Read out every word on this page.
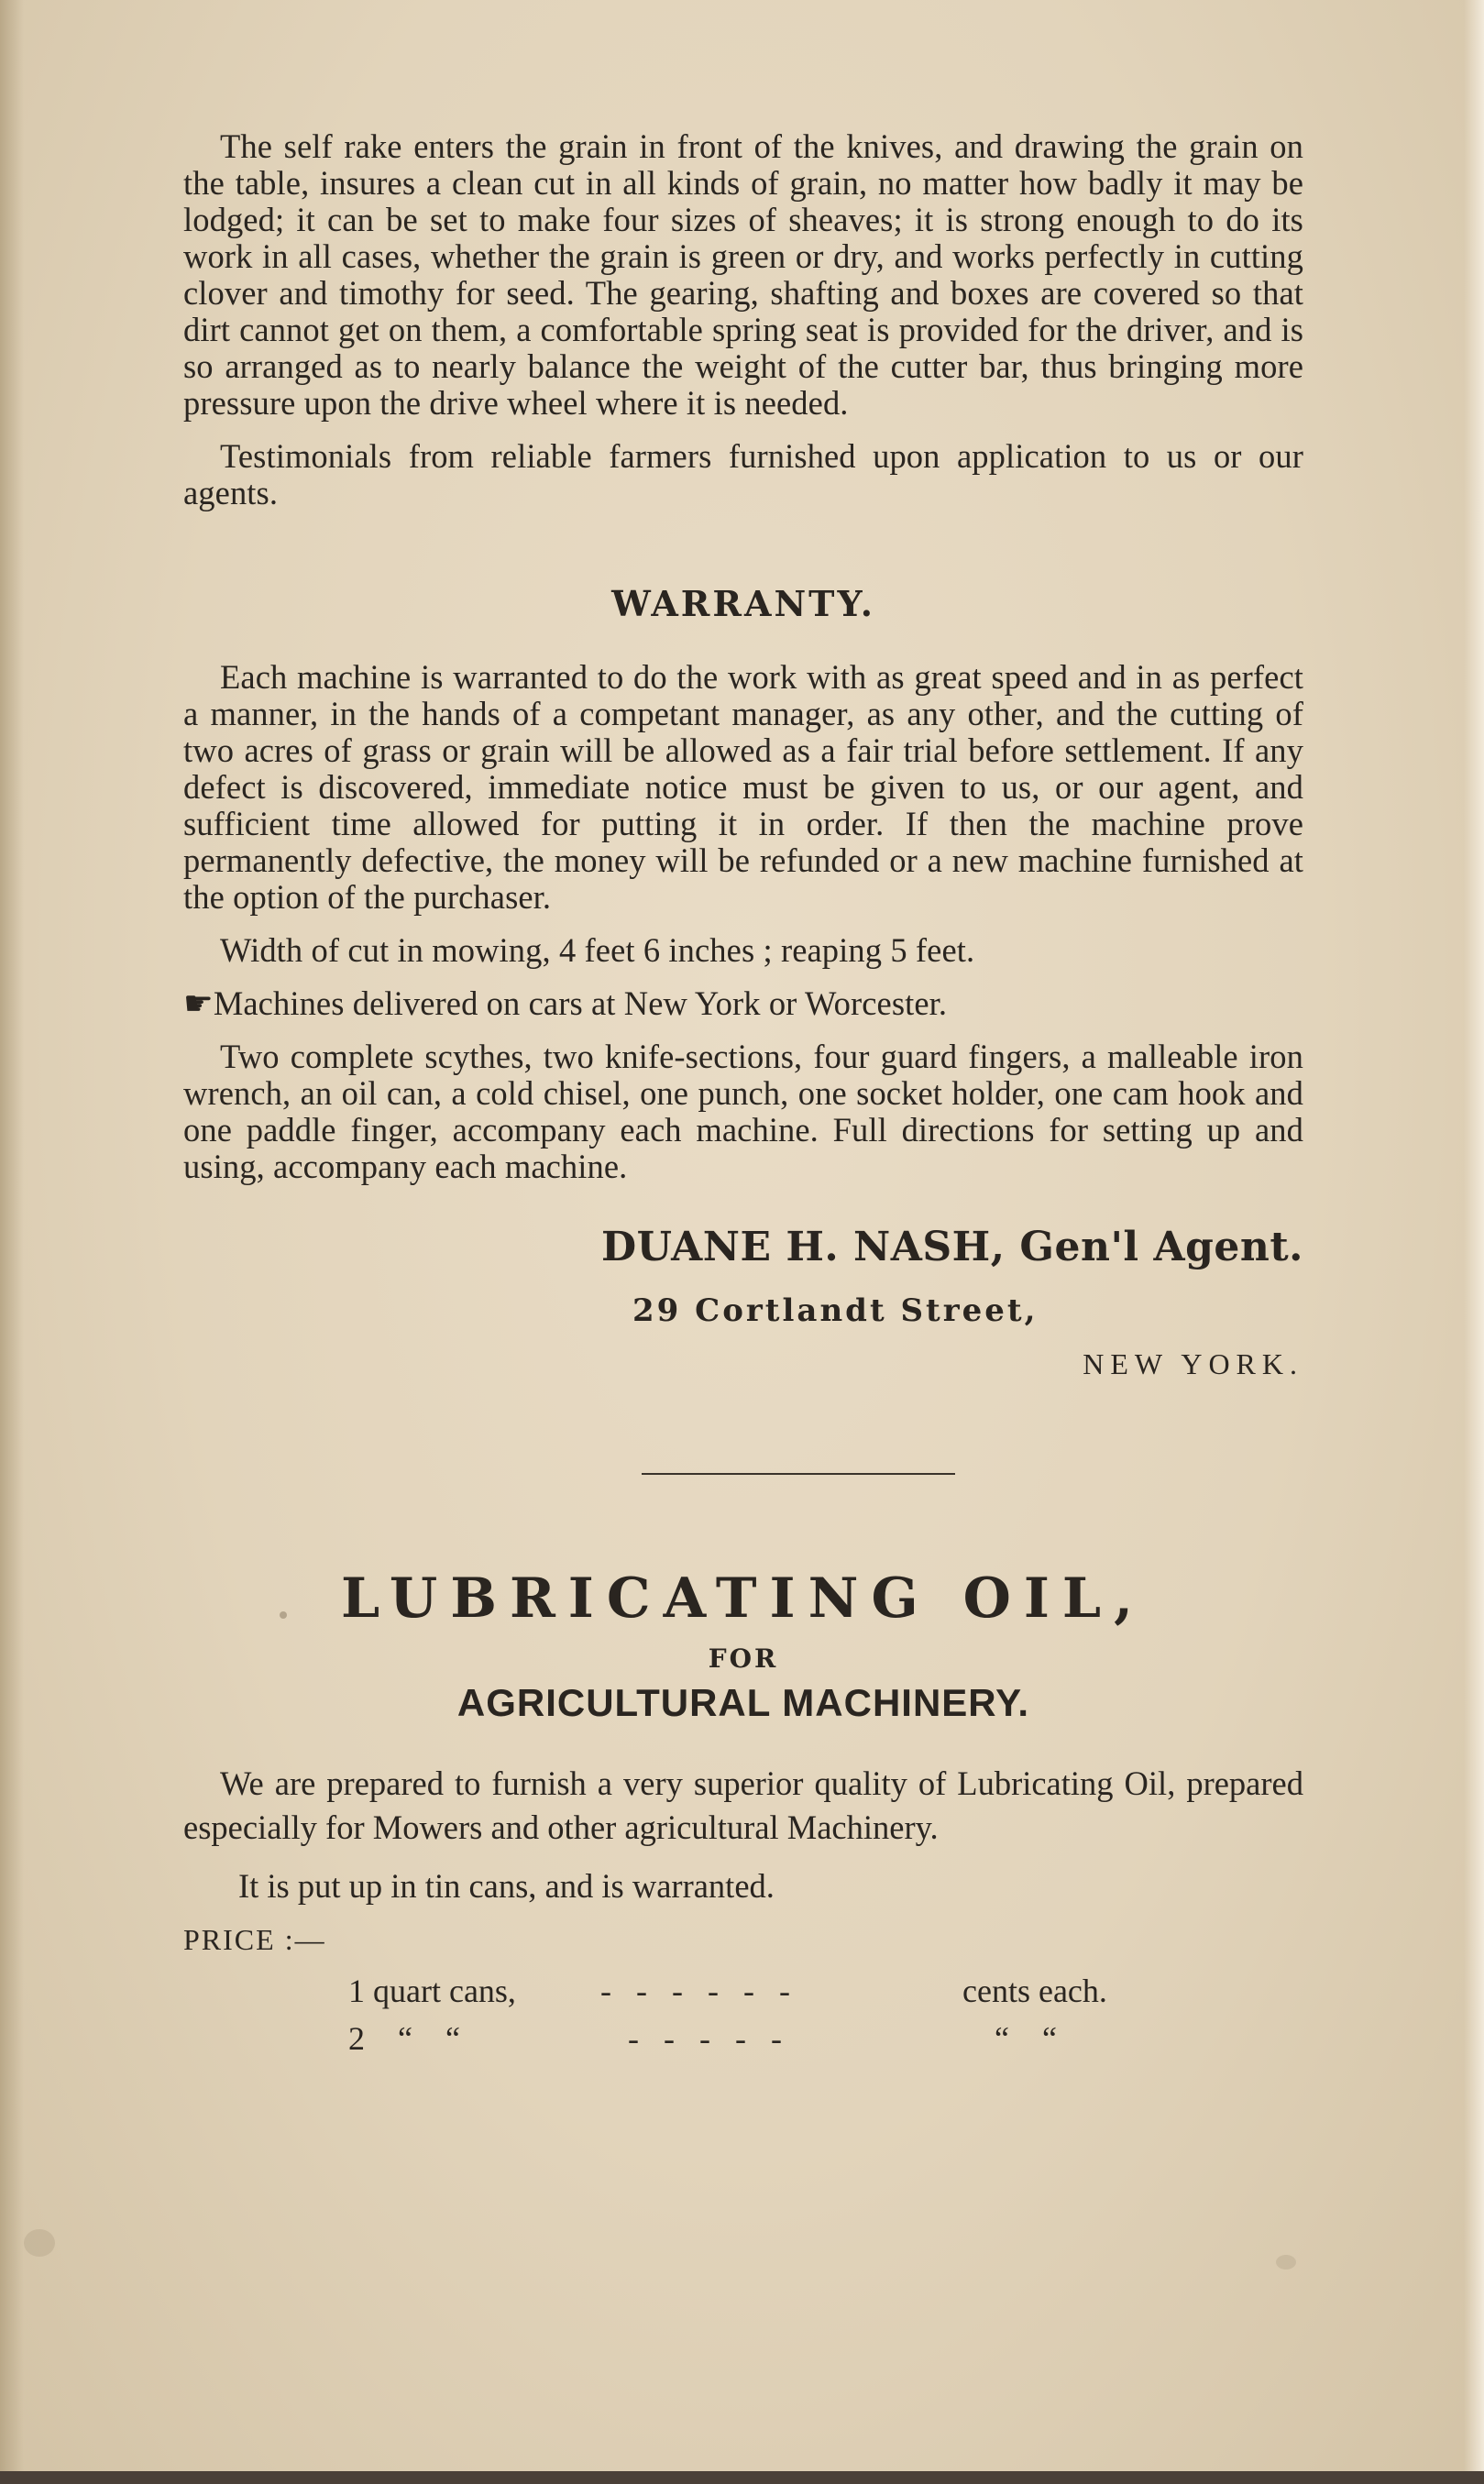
The self rake enters the grain in front of the knives, and drawing the grain on the table, insures a clean cut in all kinds of grain, no matter how badly it may be lodged; it can be set to make four sizes of sheaves; it is strong enough to do its work in all cases, whether the grain is green or dry, and works perfectly in cutting clover and timothy for seed. The gearing, shafting and boxes are covered so that dirt cannot get on them, a comfortable spring seat is provided for the driver, and is so arranged as to nearly balance the weight of the cutter bar, thus bringing more pressure upon the drive wheel where it is needed.

Testimonials from reliable farmers furnished upon application to us or our agents.

WARRANTY.

Each machine is warranted to do the work with as great speed and in as perfect a manner, in the hands of a competant manager, as any other, and the cutting of two acres of grass or grain will be allowed as a fair trial before settlement. If any defect is discovered, immediate notice must be given to us, or our agent, and sufficient time allowed for putting it in order. If then the machine prove permanently defective, the money will be refunded or a new machine furnished at the option of the purchaser.

Width of cut in mowing, 4 feet 6 inches ; reaping 5 feet.

☛Machines delivered on cars at New York or Worcester.

Two complete scythes, two knife-sections, four guard fingers, a malleable iron wrench, an oil can, a cold chisel, one punch, one socket holder, one cam hook and one paddle finger, accompany each machine. Full directions for setting up and using, accompany each machine.

DUANE H. NASH, Gen'l Agent.
29 Cortlandt Street,
NEW YORK.
LUBRICATING OIL,
FOR
AGRICULTURAL MACHINERY.

We are prepared to furnish a very superior quality of Lubricating Oil, prepared especially for Mowers and other agricultural Machinery.

It is put up in tin cans, and is warranted.

PRICE :—
1 quart cans,	-   -   -   -   -   -	cents each.
2    “    “	-   -   -   -   -	“    “
